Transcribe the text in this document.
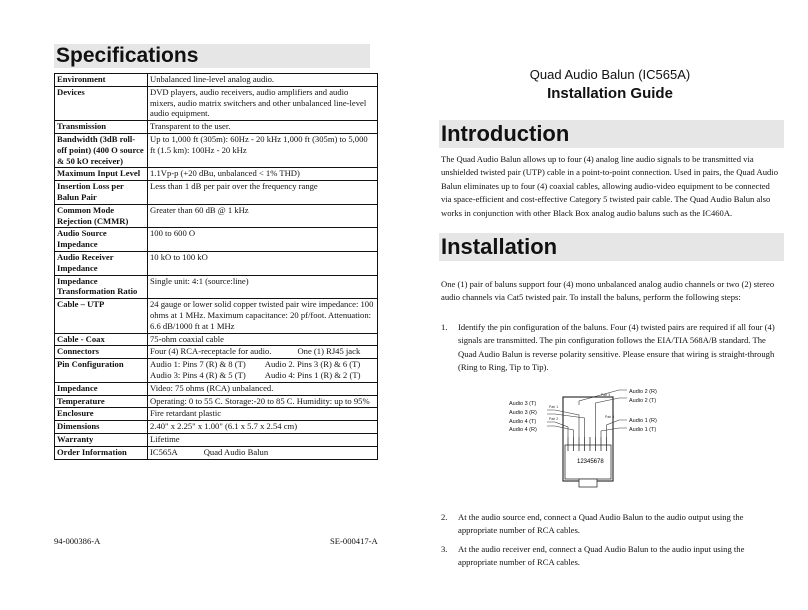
Specifications
Environment	Unbalanced line-level analog audio.
Devices	DVD players, audio receivers, audio amplifiers and audio mixers, audio matrix switchers and other unbalanced line-level audio equipment.
Transmission	Transparent to the user.
Bandwidth (3dB roll-off point) (400 O source & 50 kO receiver)	Up to 1,000 ft (305m): 60Hz - 20 kHz 1,000 ft (305m) to 5,000 ft (1.5 km): 100Hz - 20 kHz
Maximum Input Level	1.1Vp-p (+20 dBu, unbalanced < 1% THD)
Insertion Loss per Balun Pair	Less than 1 dB per pair over the frequency range
Common Mode Rejection (CMMR)	Greater than 60 dB @ 1 kHz
Audio Source Impedance	100 to 600 O
Audio Receiver Impedance	10 kO to 100 kO
Impedance Transformation Ratio	Single unit: 4:1 (source:line)
Cable – UTP	24 gauge or lower solid copper twisted pair wire impedance: 100 ohms at 1 MHz. Maximum capacitance: 20 pf/foot. Attenuation: 6.6 dB/1000 ft at 1 MHz
Cable - Coax	75-ohm coaxial cable
Connectors	Four (4) RCA-receptacle for audio. One (1) RJ45 jack
Pin Configuration	Audio 1: Pins 7 (R) & 8 (T) Audio 2. Pins 3 (R) & 6 (T)
Audio 3: Pins 4 (R) & 5 (T) Audio 4: Pins 1 (R) & 2 (T)

Impedance	Video: 75 ohms (RCA) unbalanced.
Temperature	Operating: 0 to 55 C. Storage:-20 to 85 C. Humidity: up to 95%
Enclosure	Fire retardant plastic
Dimensions	2.40" x 2.25" x 1.00" (6.1 x 5.7 x 2.54 cm)
Warranty	Lifetime
Order Information	IC565A Quad Audio Balun
94-000386-A	SE-000417-A
Quad Audio Balun (IC565A)
Installation Guide
Introduction
The Quad Audio Balun allows up to four (4) analog line audio signals to be transmitted via unshielded twisted pair (UTP) cable in a point-to-point connection. Used in pairs, the Quad Audio Balun eliminates up to four (4) coaxial cables, allowing audio-video equipment to be connected via space-efficient and cost-effective Category 5 twisted pair cable. The Quad Audio Balun also works in conjunction with other Black Box analog audio baluns such as the IC460A.
Installation
One (1) pair of baluns support four (4) mono unbalanced analog audio channels or two (2) stereo audio channels via Cat5 twisted pair. To install the baluns, perform the following steps:
1.	Identify the pin configuration of the baluns. Four (4) twisted pairs are required if all four (4) signals are transmitted. The pin configuration follows the EIA/TIA 568A/B standard. The Quad Audio Balun is reverse polarity sensitive. Please ensure that wiring is straight-through (Ring to Ring, Tip to Tip).
12345678
Audio 3 (T)
Audio 3 (R)
Audio 4 (T)
Audio 4 (R)
Audio 2 (R)
Audio 2 (T)
Audio 1 (R)
Audio 1 (T)
Pair 1
Pair 2
Pair 3
Pair 4
2.	At the audio source end, connect a Quad Audio Balun to the audio output using the appropriate number of RCA cables.
3.	At the audio receiver end, connect a Quad Audio Balun to the audio input using the appropriate number of RCA cables.
